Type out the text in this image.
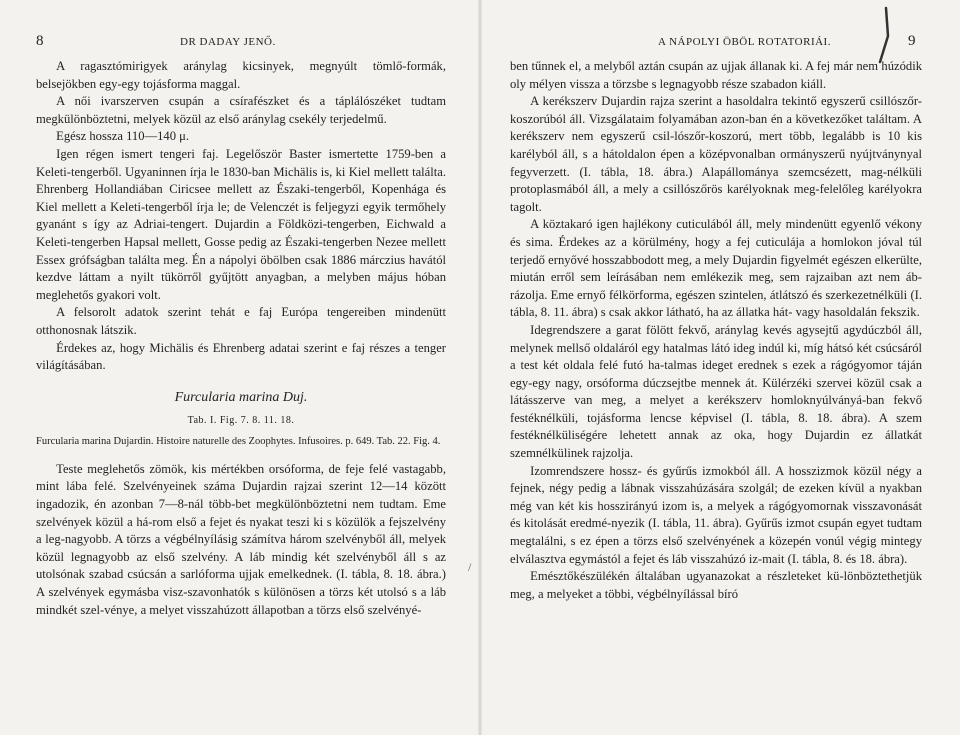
8	DR DADAY JENŐ.

A ragasztómirigyek aránylag kicsinyek, megnyúlt tömlő-formák, belsejökben egy-egy tojásforma maggal.

A női ivarszerven csupán a csírafészket és a táplálószéket tudtam megkülönböztetni, melyek közül az első aránylag csekély terjedelmű.

Egész hossza 110—140 μ.

Igen régen ismert tengeri faj. Legelőször Baster ismertette 1759-ben a Keleti-tengerből. Ugyaninnen írja le 1830-ban Michälis is, ki Kiel mellett találta. Ehrenberg Hollandiában Ciricsee mellett az Északi-tengerből, Kopenhága és Kiel mellett a Keleti-tengerből írja le; de Velenczét is feljegyzi egyik termőhely gyanánt s így az Adriai-tengert. Dujardin a Földközi-tengerben, Eichwald a Keleti-tengerben Hapsal mellett, Gosse pedig az Északi-tengerben Nezee mellett Essex grófságban találta meg. Én a nápolyi öbölben csak 1886 márczius havától kezdve láttam a nyilt tükörről gyűjtött anyagban, a melyben május hóban meglehetős gyakori volt.

A felsorolt adatok szerint tehát e faj Európa tengereiben mindenütt otthonosnak látszik.

Érdekes az, hogy Michälis és Ehrenberg adatai szerint e faj részes a tenger világításában.

Furcularia marina Duj.

Tab. I. Fig. 7. 8. 11. 18.

Furcularia marina Dujardin. Histoire naturelle des Zoophytes. Infusoires. p. 649. Tab. 22. Fig. 4.

Teste meglehetős zömök, kis mértékben orsóforma, de feje felé vastagabb, mint lába felé. Szelvényeinek száma Dujardin rajzai szerint 12—14 között ingadozik, én azonban 7—8-nál több-bet megkülönböztetni nem tudtam. Eme szelvények közül a há-rom első a fejet és nyakat teszi ki s közülök a fejszelvény a leg-nagyobb. A törzs a végbélnyílásig számítva három szelvényből áll, melyek közül legnagyobb az első szelvény. A láb mindig két szelvényből áll s az utolsónak szabad csúcsán a sarlóforma ujjak emelkednek. (I. tábla, 8. 18. ábra.) A szelvények egymásba visz-szavonhatók s különösen a törzs két utolsó s a láb mindkét szel-vénye, a melyet visszahúzott állapotban a törzs első szelvényé-

A NÁPOLYI ÖBÖL ROTATORIÁI.	9

ben tűnnek el, a melyből aztán csupán az ujjak állanak ki. A fej már nem húzódik oly mélyen vissza a törzsbe s legnagyobb része szabadon kiáll.

A kerékszerv Dujardin rajza szerint a hasoldalra tekintő egyszerű csillószőr-koszorúból áll. Vizsgálataim folyamában azon-ban én a következőket találtam. A kerékszerv nem egyszerű csil-lószőr-koszorú, mert több, legalább is 10 kis karélyból áll, s a hátoldalon épen a középvonalban ormányszerű nyújtványnyal fegyverzett. (I. tábla, 18. ábra.) Alapállománya szemcsézett, mag-nélküli protoplasmából áll, a mely a csillószőrös karélyoknak meg-felelőleg karélyokra tagolt.

A köztakaró igen hajlékony cuticulából áll, mely mindenütt egyenlő vékony és sima. Érdekes az a körülmény, hogy a fej cuticulája a homlokon jóval túl terjedő ernyővé hosszabbodott meg, a mely Dujardin figyelmét egészen elkerülte, miután erről sem leírásában nem emlékezik meg, sem rajzaiban azt nem áb-rázolja. Eme ernyő félkörforma, egészen szintelen, átlátszó és szerkezetnélküli (I. tábla, 8. 11. ábra) s csak akkor látható, ha az állatka hát- vagy hasoldalán fekszik.

Idegrendszere a garat fölött fekvő, aránylag kevés agysejtű agydúczból áll, melynek mellső oldaláról egy hatalmas látó ideg indúl ki, míg hátsó két csúcsáról a test két oldala felé futó ha-talmas ideget erednek s ezek a rágógyomor táján egy-egy nagy, orsóforma dúczsejtbe mennek át. Külérzéki szervei közül csak a látásszerve van meg, a melyet a kerékszerv homloknyúlványá-ban fekvő festéknélküli, tojásforma lencse képvisel (I. tábla, 8. 18. ábra). A szem festéknélküliségére lehetett annak az oka, hogy Dujardin ez állatkát szemnélkülinek rajzolja.

Izomrendszere hossz- és gyűrűs izmokból áll. A hosszizmok közül négy a fejnek, négy pedig a lábnak visszahúzására szolgál; de ezeken kívül a nyakban még van két kis hosszirányú izom is, a melyek a rágógyomornak visszavonását és kitolását eredmé-nyezik (I. tábla, 11. ábra). Gyűrűs izmot csupán egyet tudtam megtalálni, s ez épen a törzs első szelvényének a közepén vonúl végig mintegy elválasztva egymástól a fejet és láb visszahúzó iz-mait (I. tábla, 8. és 18. ábra).

Emésztőkészülékén általában ugyanazokat a részleteket kü-lönböztethetjük meg, a melyeket a többi, végbélnyílással bíró

/
